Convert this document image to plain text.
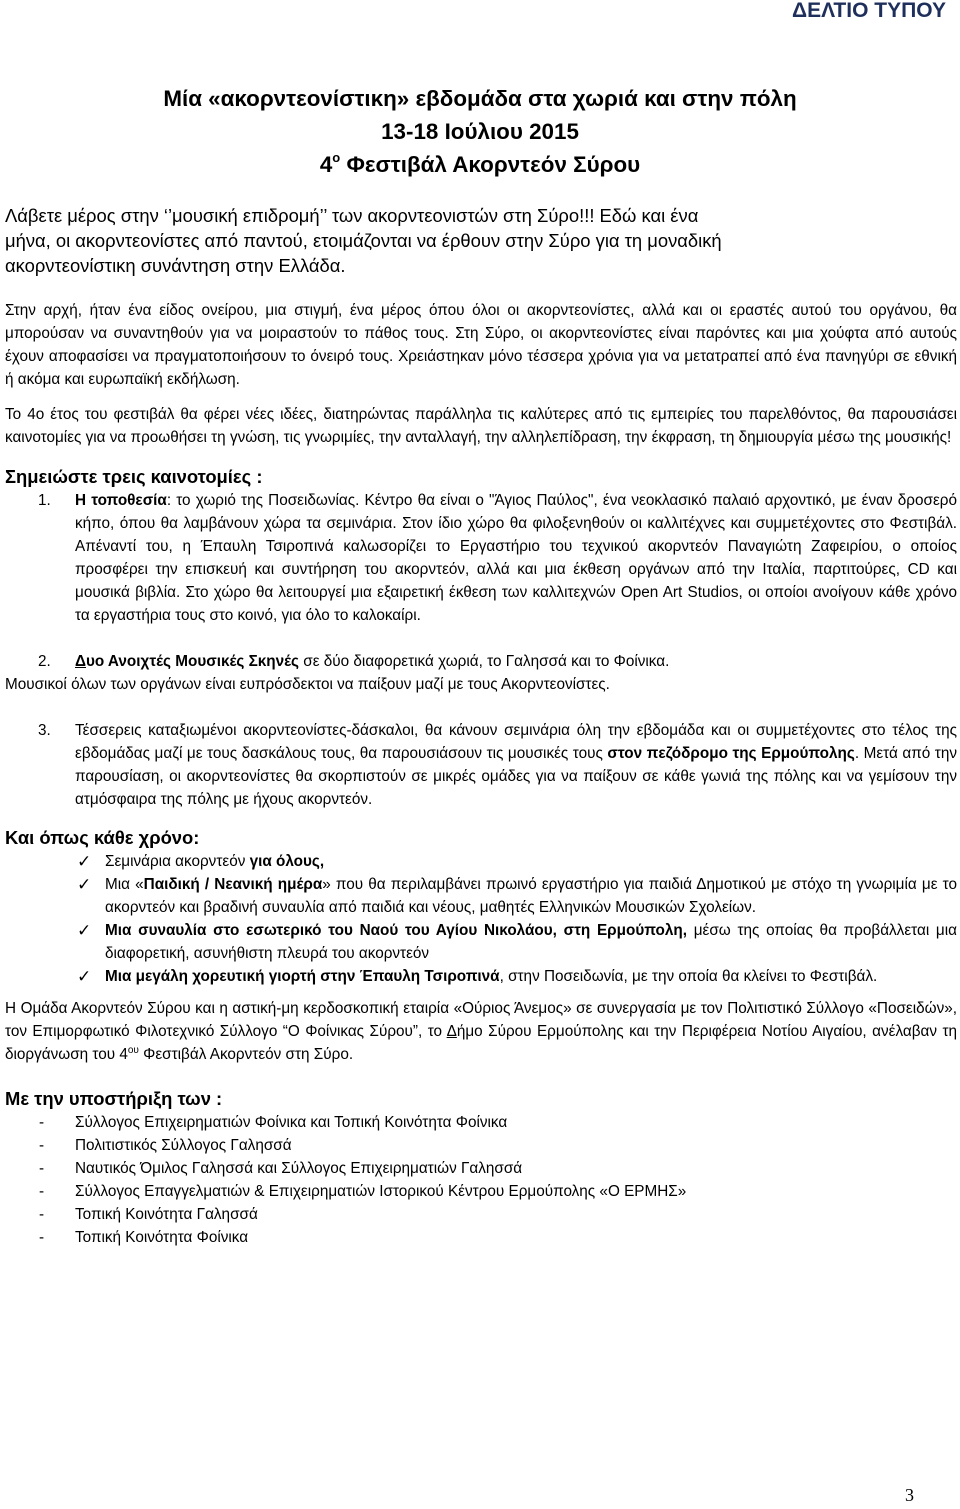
ΔΕΛΤΙΟ ΤΥΠΟΥ
Μία «ακορντεονίστικη» εβδομάδα στα χωριά και στην πόλη
13-18 Ιούλιου 2015
$4^o$ Φεστιβάλ Ακορντεόν Σύρου
Λάβετε μέρος στην ‘’μουσική επιδρομή’’ των ακορντεονιστών στη Σύρο!!! Εδώ και ένα
μήνα, οι ακορντεονίστες από παντού, ετοιμάζονται να έρθουν στην Σύρο για τη μοναδική
ακορντεονίστικη συνάντηση στην Ελλάδα.

Στην αρχή, ήταν ένα είδος ονείρου, μια στιγμή, ένα μέρος όπου όλοι οι ακορντεονίστες, αλλά και οι εραστές αυτού του οργάνου, θα μπορούσαν να συναντηθούν για να μοιραστούν το πάθος τους. Στη Σύρο, οι ακορντεονίστες είναι παρόντες και μια χούφτα από αυτούς έχουν αποφασίσει να πραγματοποιήσουν το όνειρό τους. Χρειάστηκαν μόνο τέσσερα χρόνια για να μετατραπεί από ένα πανηγύρι σε εθνική ή ακόμα και ευρωπαϊκή εκδήλωση.

Το 4ο έτος του φεστιβάλ θα φέρει νέες ιδέες, διατηρώντας παράλληλα τις καλύτερες από τις εμπειρίες του παρελθόντος, θα παρουσιάσει καινοτομίες για να προωθήσει τη γνώση, τις γνωριμίες, την ανταλλαγή, την αλληλεπίδραση, την έκφραση, τη δημιουργία μέσω της μουσικής!

Σημειώστε τρεις καινοτομίες :

1. Η τοποθεσία: το χωριό της Ποσειδωνίας. Κέντρο θα είναι ο "Άγιος Παύλος", ένα νεοκλασικό παλαιό αρχοντικό, με έναν δροσερό κήπο, όπου θα λαμβάνουν χώρα τα σεμινάρια. Στον ίδιο χώρο θα φιλοξενηθούν οι καλλιτέχνες και συμμετέχοντες στο Φεστιβάλ. Απέναντί του, η Έπαυλη Τσιροπινά καλωσορίζει το Εργαστήριο του τεχνικού ακορντεόν Παναγιώτη Ζαφειρίου, ο οποίος προσφέρει την επισκευή και συντήρηση του ακορντεόν, αλλά και μια έκθεση οργάνων από την Ιταλία, παρτιτούρες, CD και μουσικά βιβλία. Στο χώρο θα λειτουργεί μια εξαιρετική έκθεση των καλλιτεχνών Open Art Studios, οι οποίοι ανοίγουν κάθε χρόνο τα εργαστήρια τους στο κοινό, για όλο το καλοκαίρι.
2. Δυο Ανοιχτές Μουσικές Σκηνές σε δύο διαφορετικά χωριά, το Γαλησσά και το Φοίνικα.

Μουσικοί όλων των οργάνων είναι ευπρόσδεκτοι να παίξουν μαζί με τους Ακορντεονίστες.

3. Τέσσερεις καταξιωμένοι ακορντεονίστες-δάσκαλοι, θα κάνουν σεμινάρια όλη την εβδομάδα και οι συμμετέχοντες στο τέλος της εβδομάδας μαζί με τους δασκάλους τους, θα παρουσιάσουν τις μουσικές τους στον πεζόδρομο της Ερμούπολης. Μετά από την παρουσίαση, οι ακορντεονίστες θα σκορπιστούν σε μικρές ομάδες για να παίξουν σε κάθε γωνιά της πόλης και να γεμίσουν την ατμόσφαιρα της πόλης με ήχους ακορντεόν.

Και όπως κάθε χρόνο:

✓ Σεμινάρια ακορντεόν για όλους,
✓ Μια «Παιδική / Νεανική ημέρα» που θα περιλαμβάνει πρωινό εργαστήριο για παιδιά Δημοτικού με στόχο τη γνωριμία με το ακορντεόν και βραδινή συναυλία από παιδιά και νέους, μαθητές Ελληνικών Μουσικών Σχολείων.
✓ Μια συναυλία στο εσωτερικό του Ναού του Αγίου Νικολάου, στη Ερμούπολη, μέσω της οποίας θα προβάλλεται μια διαφορετική, ασυνήθιστη πλευρά του ακορντεόν
✓ Μια μεγάλη χορευτική γιορτή στην Έπαυλη Τσιροπινά, στην Ποσειδωνία, με την οποία θα κλείνει το Φεστιβάλ.

Η Ομάδα Ακορντεόν Σύρου και η αστική-μη κερδοσκοπική εταιρία «Ούριος Άνεμος» σε συνεργασία με τον Πολιτιστικό Σύλλογο «Ποσειδών», τον Επιμορφωτικό Φιλοτεχνικό Σύλλογο “Ο Φοίνικας Σύρου”, το Δήμο Σύρου Ερμούπολης και την Περιφέρεια Νοτίου Αιγαίου, ανέλαβαν τη διοργάνωση του $4^{o\upsilon}$ Φεστιβάλ Ακορντεόν στη Σύρο.

Με την υποστήριξη των :

- Σύλλογος Επιχειρηματιών Φοίνικα και Τοπική Κοινότητα Φοίνικα
- Πολιτιστικός Σύλλογος Γαλησσά
- Ναυτικός Όμιλος Γαλησσά και Σύλλογος Επιχειρηματιών Γαλησσά
- Σύλλογος Επαγγελματιών & Επιχειρηματιών Ιστορικού Κέντρου Ερμούπολης «Ο ΕΡΜΗΣ»
- Τοπική Κοινότητα Γαλησσά
- Τοπική Κοινότητα Φοίνικα
3
